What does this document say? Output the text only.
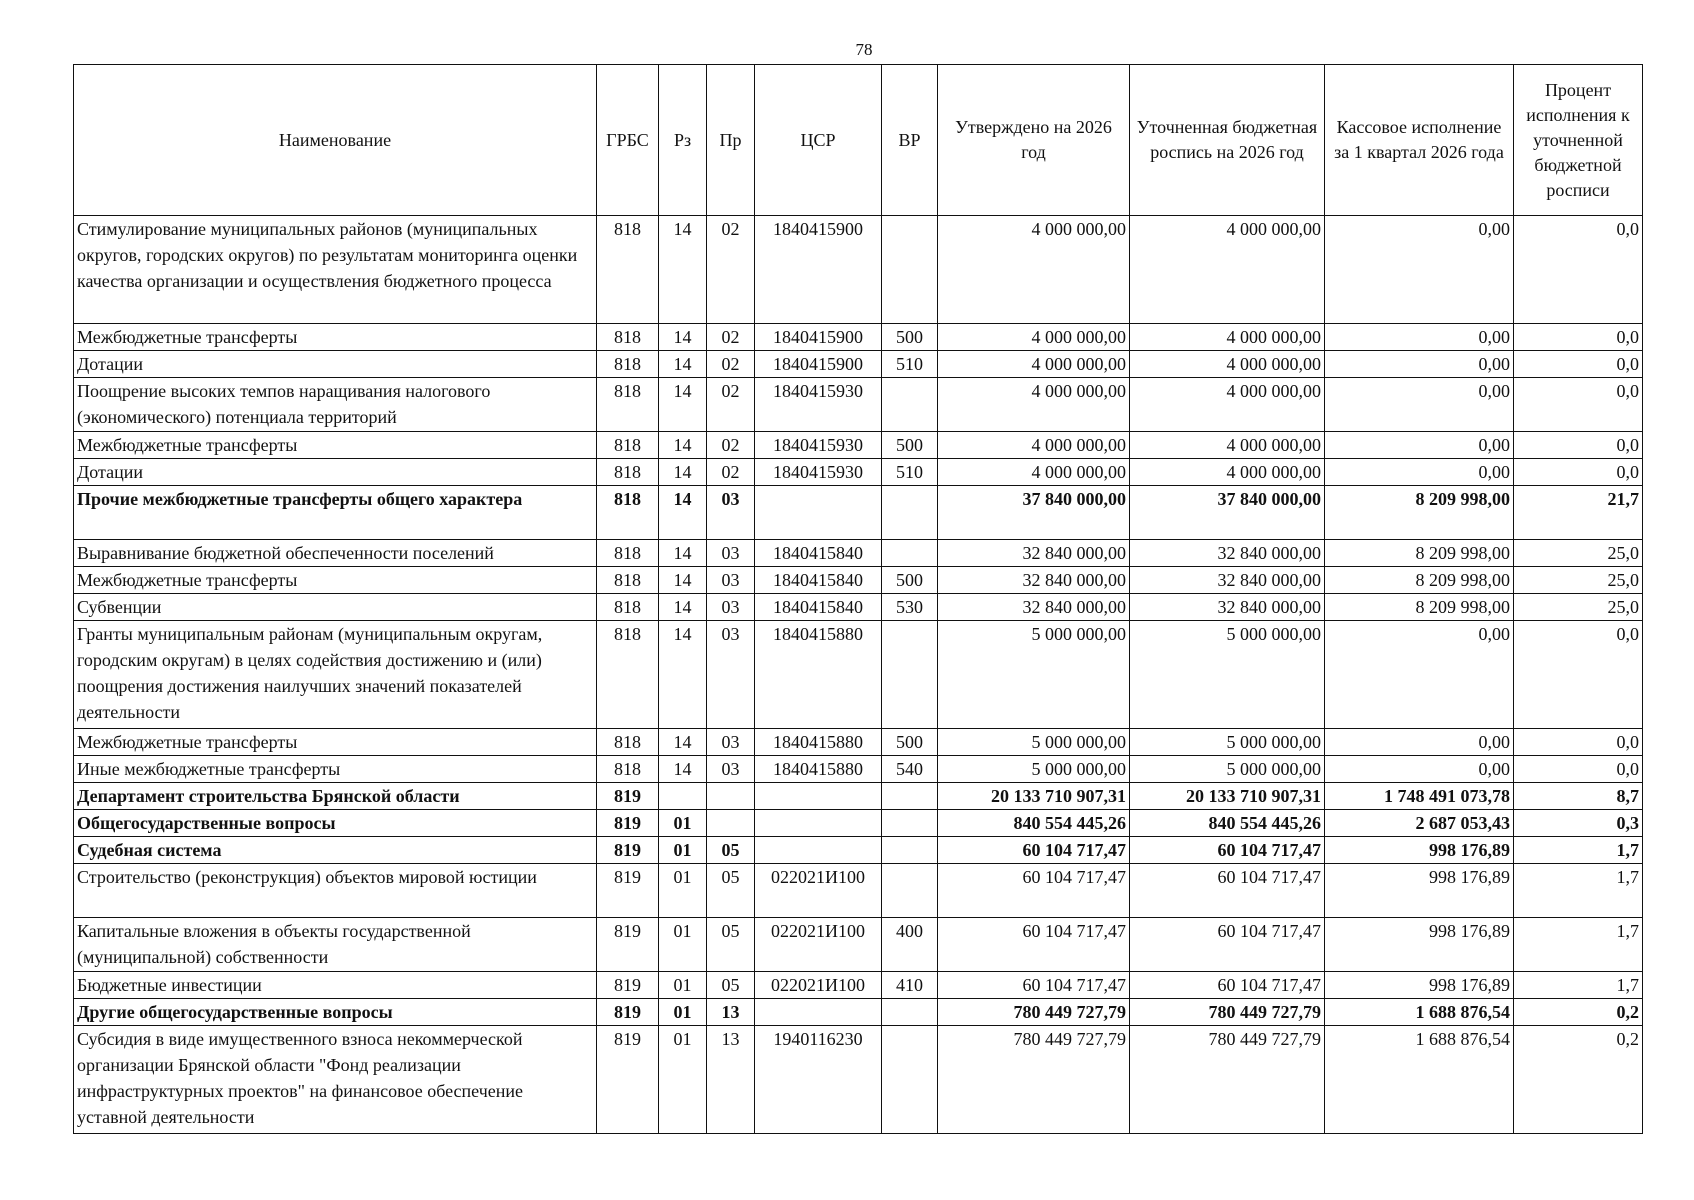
78
Наименование	ГРБС	Рз	Пр	ЦСР	ВР	Утверждено на 2026 год	Уточненная бюджетная роспись на 2026 год	Кассовое исполнение за 1 квартал 2026 года	Процент исполнения к уточненной бюджетной росписи
Стимулирование муниципальных районов (муниципальных округов, городских округов) по результатам мониторинга оценки качества организации и осуществления бюджетного процесса	818	14	02	1840415900		4 000 000,00	4 000 000,00	0,00	0,0
Межбюджетные трансферты	818	14	02	1840415900	500	4 000 000,00	4 000 000,00	0,00	0,0
Дотации	818	14	02	1840415900	510	4 000 000,00	4 000 000,00	0,00	0,0
Поощрение высоких темпов наращивания налогового (экономического) потенциала территорий	818	14	02	1840415930		4 000 000,00	4 000 000,00	0,00	0,0
Межбюджетные трансферты	818	14	02	1840415930	500	4 000 000,00	4 000 000,00	0,00	0,0
Дотации	818	14	02	1840415930	510	4 000 000,00	4 000 000,00	0,00	0,0
Прочие межбюджетные трансферты общего характера	818	14	03			37 840 000,00	37 840 000,00	8 209 998,00	21,7
Выравнивание бюджетной обеспеченности поселений	818	14	03	1840415840		32 840 000,00	32 840 000,00	8 209 998,00	25,0
Межбюджетные трансферты	818	14	03	1840415840	500	32 840 000,00	32 840 000,00	8 209 998,00	25,0
Субвенции	818	14	03	1840415840	530	32 840 000,00	32 840 000,00	8 209 998,00	25,0
Гранты муниципальным районам (муниципальным округам, городским округам) в целях содействия достижению и (или) поощрения достижения наилучших значений показателей деятельности	818	14	03	1840415880		5 000 000,00	5 000 000,00	0,00	0,0
Межбюджетные трансферты	818	14	03	1840415880	500	5 000 000,00	5 000 000,00	0,00	0,0
Иные межбюджетные трансферты	818	14	03	1840415880	540	5 000 000,00	5 000 000,00	0,00	0,0
Департамент строительства Брянской области	819					20 133 710 907,31	20 133 710 907,31	1 748 491 073,78	8,7
Общегосударственные вопросы	819	01				840 554 445,26	840 554 445,26	2 687 053,43	0,3
Судебная система	819	01	05			60 104 717,47	60 104 717,47	998 176,89	1,7
Строительство (реконструкция) объектов мировой юстиции	819	01	05	022021И100		60 104 717,47	60 104 717,47	998 176,89	1,7
Капитальные вложения в объекты государственной (муниципальной) собственности	819	01	05	022021И100	400	60 104 717,47	60 104 717,47	998 176,89	1,7
Бюджетные инвестиции	819	01	05	022021И100	410	60 104 717,47	60 104 717,47	998 176,89	1,7
Другие общегосударственные вопросы	819	01	13			780 449 727,79	780 449 727,79	1 688 876,54	0,2
Субсидия в виде имущественного взноса некоммерческой организации Брянской области "Фонд реализации инфраструктурных проектов" на финансовое обеспечение уставной деятельности	819	01	13	1940116230		780 449 727,79	780 449 727,79	1 688 876,54	0,2
